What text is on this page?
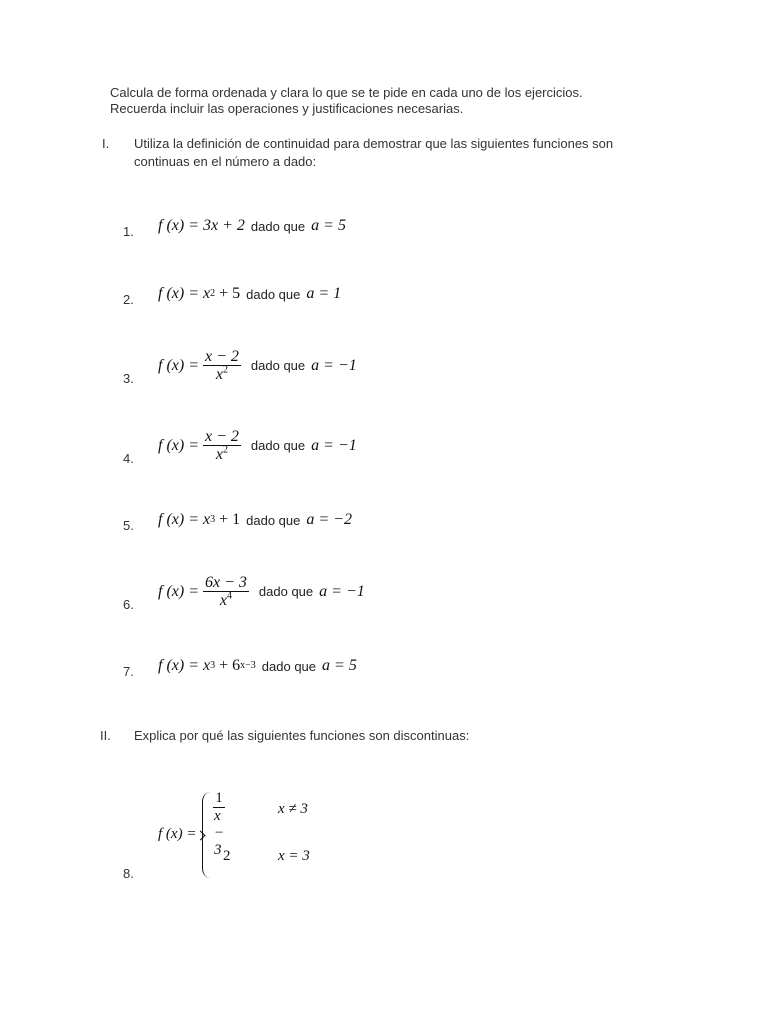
Calcula de forma ordenada y clara lo que se te pide en cada uno de los ejercicios.
Recuerda incluir las operaciones y justificaciones necesarias.
I. Utiliza la definición de continuidad para demostrar que las siguientes funciones son continuas en el número a dado:
1. f (x) =
3x + 2 dado que a = 5
2. f (x) =
x 2 + 5 dado que a = 1
3.
f $(x) = \frac{x - 2}{x^2}$ dado que a = −1
4.
f $(x) = \frac{x - 2}{x^2}$ dado que a = −1
5. f (x) =
x 3 + 1 dado que a = −2
6.
f $(x) = \frac{6x - 3}{x^4}$ dado que a = −1
7. f (x) =
x 3 + 6 x−3 dado que a = 5
II. Explica por qué las siguientes funciones son discontinuas:
8.
f $(x) = \frac{1}{x - 3}$	x ≠ 3
2	x = 3
